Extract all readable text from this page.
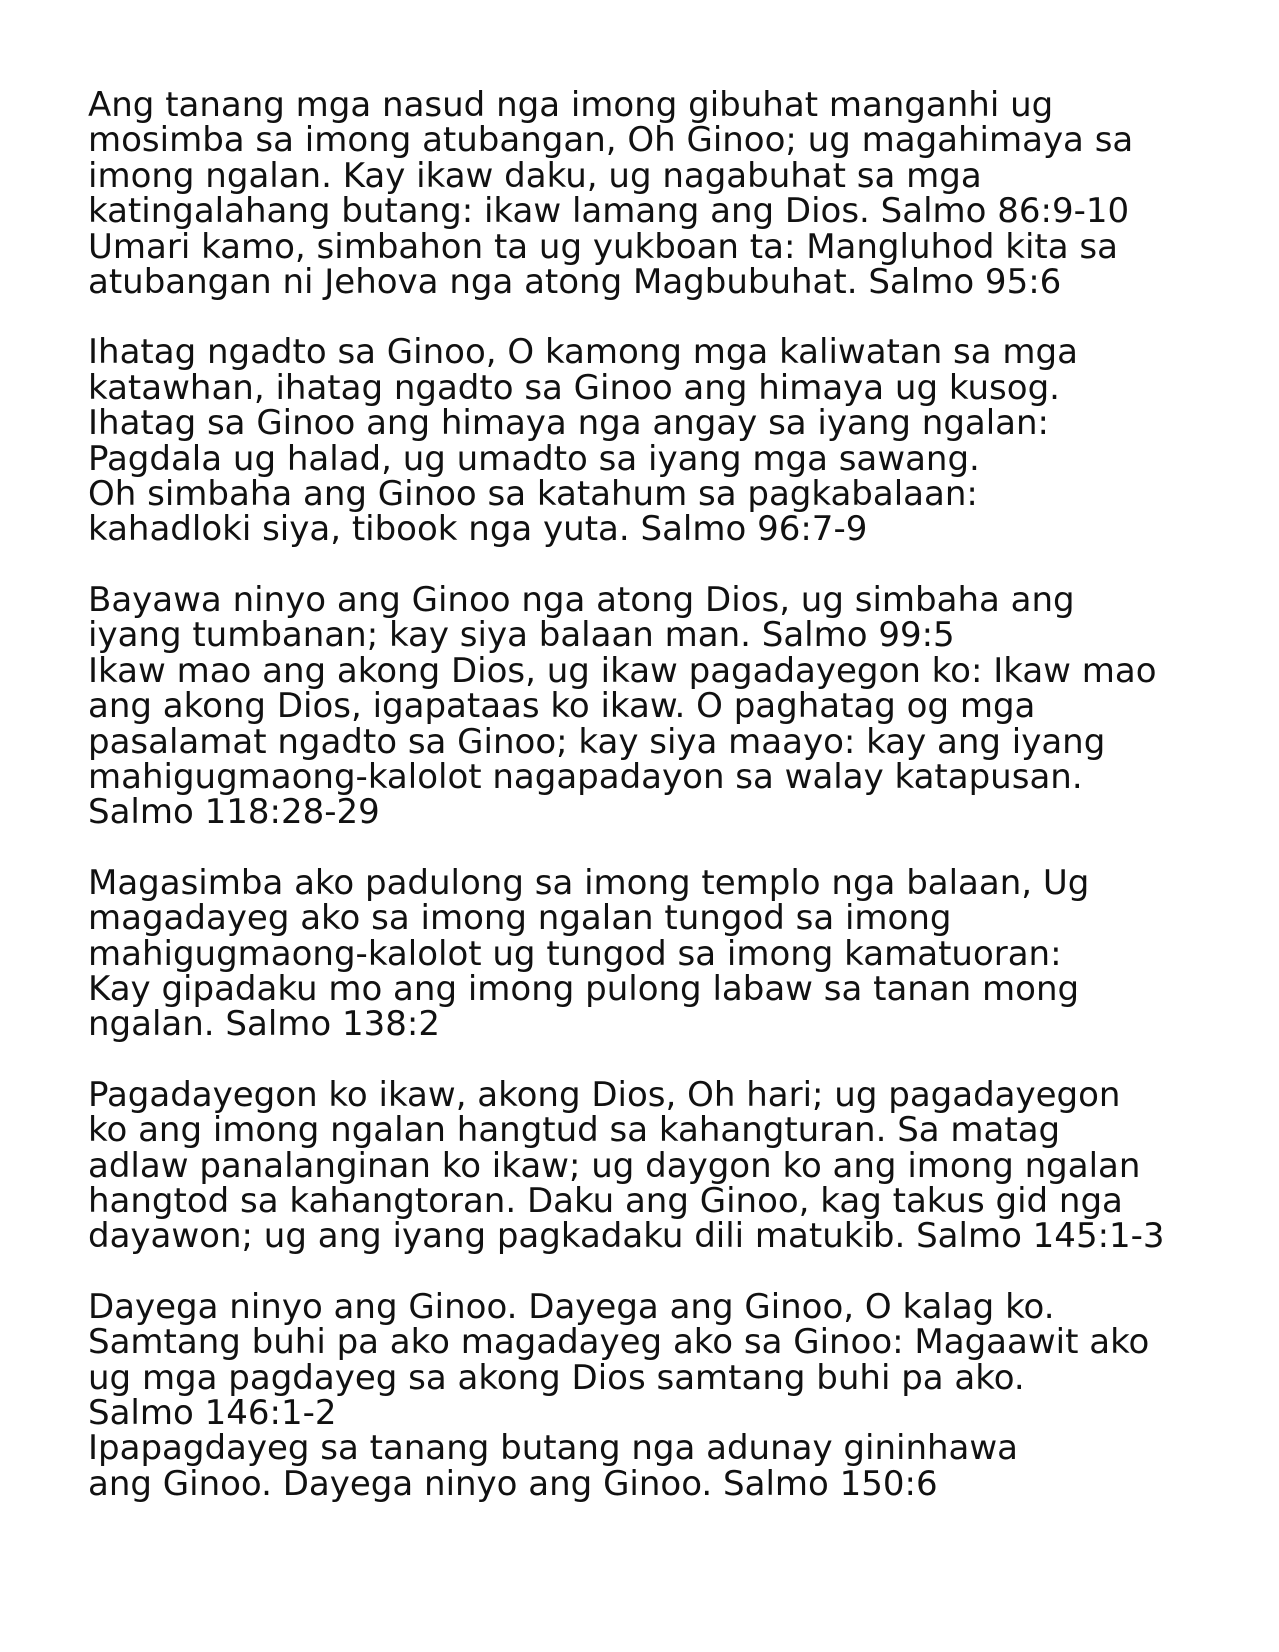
Ang tanang mga nasud nga imong gibuhat manganhi ug
mosimba sa imong atubangan, Oh Ginoo; ug magahimaya sa
imong ngalan. Kay ikaw daku, ug nagabuhat sa mga
katingalahang butang: ikaw lamang ang Dios. Salmo 86:9-10
Umari kamo, simbahon ta ug yukboan ta: Mangluhod kita sa
atubangan ni Jehova nga atong Magbubuhat. Salmo 95:6

Ihatag ngadto sa Ginoo, O kamong mga kaliwatan sa mga
katawhan, ihatag ngadto sa Ginoo ang himaya ug kusog.
Ihatag sa Ginoo ang himaya nga angay sa iyang ngalan:
Pagdala ug halad, ug umadto sa iyang mga sawang.
Oh simbaha ang Ginoo sa katahum sa pagkabalaan:
kahadloki siya, tibook nga yuta. Salmo 96:7-9

Bayawa ninyo ang Ginoo nga atong Dios, ug simbaha ang
iyang tumbanan; kay siya balaan man. Salmo 99:5
Ikaw mao ang akong Dios, ug ikaw pagadayegon ko: Ikaw mao
ang akong Dios, igapataas ko ikaw. O paghatag og mga
pasalamat ngadto sa Ginoo; kay siya maayo: kay ang iyang
mahigugmaong-kalolot nagapadayon sa walay katapusan.
Salmo 118:28-29

Magasimba ako padulong sa imong templo nga balaan, Ug
magadayeg ako sa imong ngalan tungod sa imong
mahigugmaong-kalolot ug tungod sa imong kamatuoran:
Kay gipadaku mo ang imong pulong labaw sa tanan mong
ngalan. Salmo 138:2

Pagadayegon ko ikaw, akong Dios, Oh hari; ug pagadayegon
ko ang imong ngalan hangtud sa kahangturan. Sa matag
adlaw panalanginan ko ikaw; ug daygon ko ang imong ngalan
hangtod sa kahangtoran. Daku ang Ginoo, kag takus gid nga
dayawon; ug ang iyang pagkadaku dili matukib. Salmo 145:1-3

Dayega ninyo ang Ginoo. Dayega ang Ginoo, O kalag ko.
Samtang buhi pa ako magadayeg ako sa Ginoo: Magaawit ako
ug mga pagdayeg sa akong Dios samtang buhi pa ako.
Salmo 146:1-2
Ipapagdayeg sa tanang butang nga adunay gininhawa
ang Ginoo. Dayega ninyo ang Ginoo. Salmo 150:6
